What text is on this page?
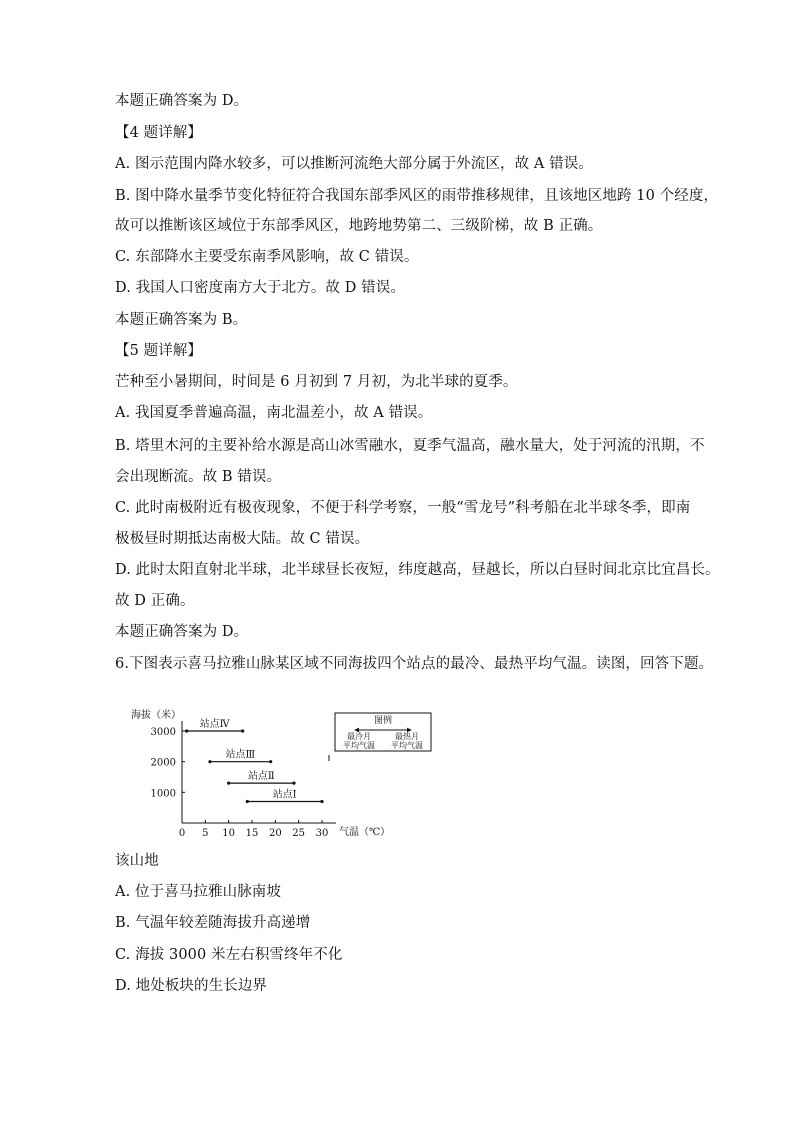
本题正确答案为 D。
【4 题详解】
A. 图示范围内降水较多，可以推断河流绝大部分属于外流区，故 A 错误。
B. 图中降水量季节变化特征符合我国东部季风区的雨带推移规律，且该地区地跨 10 个经度，
故可以推断该区域位于东部季风区，地跨地势第二、三级阶梯，故 B 正确。
C. 东部降水主要受东南季风影响，故 C 错误。
D. 我国人口密度南方大于北方。故 D 错误。
本题正确答案为 B。
【5 题详解】
芒种至小暑期间，时间是 6 月初到 7 月初，为北半球的夏季。
A. 我国夏季普遍高温，南北温差小，故 A 错误。
B. 塔里木河的主要补给水源是高山冰雪融水，夏季气温高，融水量大，处于河流的汛期，不
会出现断流。故 B 错误。
C. 此时南极附近有极夜现象，不便于科学考察，一般“雪龙号”科考船在北半球冬季，即南
极极昼时期抵达南极大陆。故 C 错误。
D. 此时太阳直射北半球，北半球昼长夜短，纬度越高，昼越长，所以白昼时间北京比宜昌长。
故 D 正确。
本题正确答案为 D。
6.下图表示喜马拉雅山脉某区域不同海拔四个站点的最冷、最热平均气温。读图，回答下题。
该山地
A. 位于喜马拉雅山脉南坡
B. 气温年较差随海拔升高递增
C. 海拔 3000 米左右积雪终年不化
D. 地处板块的生长边界
海拔（米）
气温（℃）
0 5 10 15 20 25 30
1000
2000
3000
站点Ⅳ
站点Ⅲ
站点Ⅱ
站点Ⅰ
图例
最冷月
平均气温
最热月
平均气温
